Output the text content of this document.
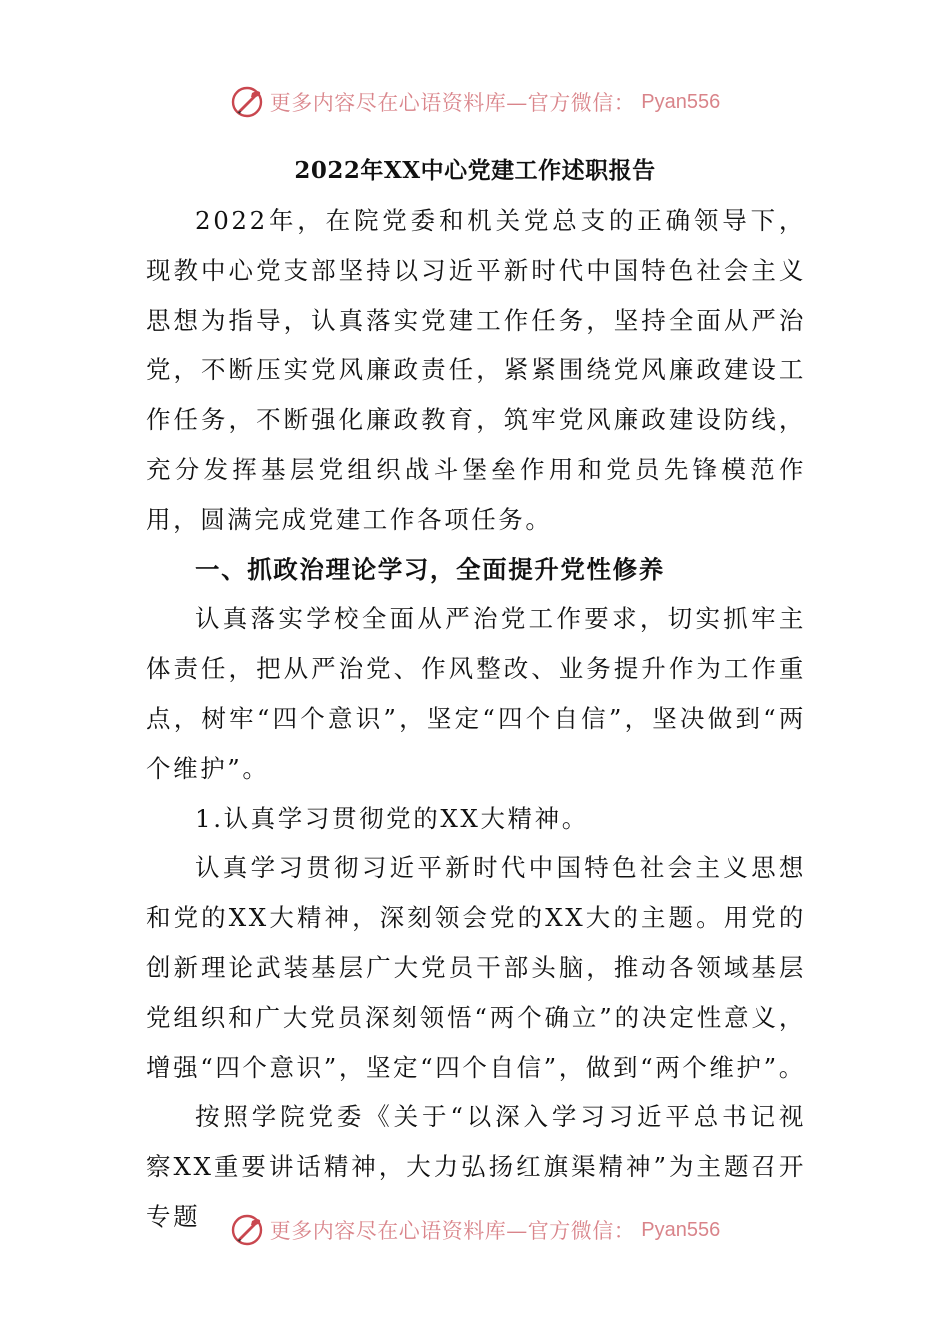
更多内容尽在心语资料库—官方微信： Pyan556
2022年XX中心党建工作述职报告

2022年，在院党委和机关党总支的正确领导下，现教中心党支部坚持以习近平新时代中国特色社会主义思想为指导，认真落实党建工作任务，坚持全面从严治党，不断压实党风廉政责任，紧紧围绕党风廉政建设工作任务，不断强化廉政教育，筑牢党风廉政建设防线，充分发挥基层党组织战斗堡垒作用和党员先锋模范作用，圆满完成党建工作各项任务。

一、抓政治理论学习，全面提升党性修养

认真落实学校全面从严治党工作要求，切实抓牢主体责任，把从严治党、作风整改、业务提升作为工作重点，树牢“四个意识”，坚定“四个自信”，坚决做到“两个维护”。

1.认真学习贯彻党的XX大精神。

认真学习贯彻习近平新时代中国特色社会主义思想和党的XX大精神，深刻领会党的XX大的主题。用党的创新理论武装基层广大党员干部头脑，推动各领域基层党组织和广大党员深刻领悟“两个确立”的决定性意义，增强“四个意识”，坚定“四个自信”，做到“两个维护”。

按照学院党委《关于“以深入学习习近平总书记视察XX重要讲话精神，大力弘扬红旗渠精神”为主题召开专题

更多内容尽在心语资料库—官方微信： Pyan556
